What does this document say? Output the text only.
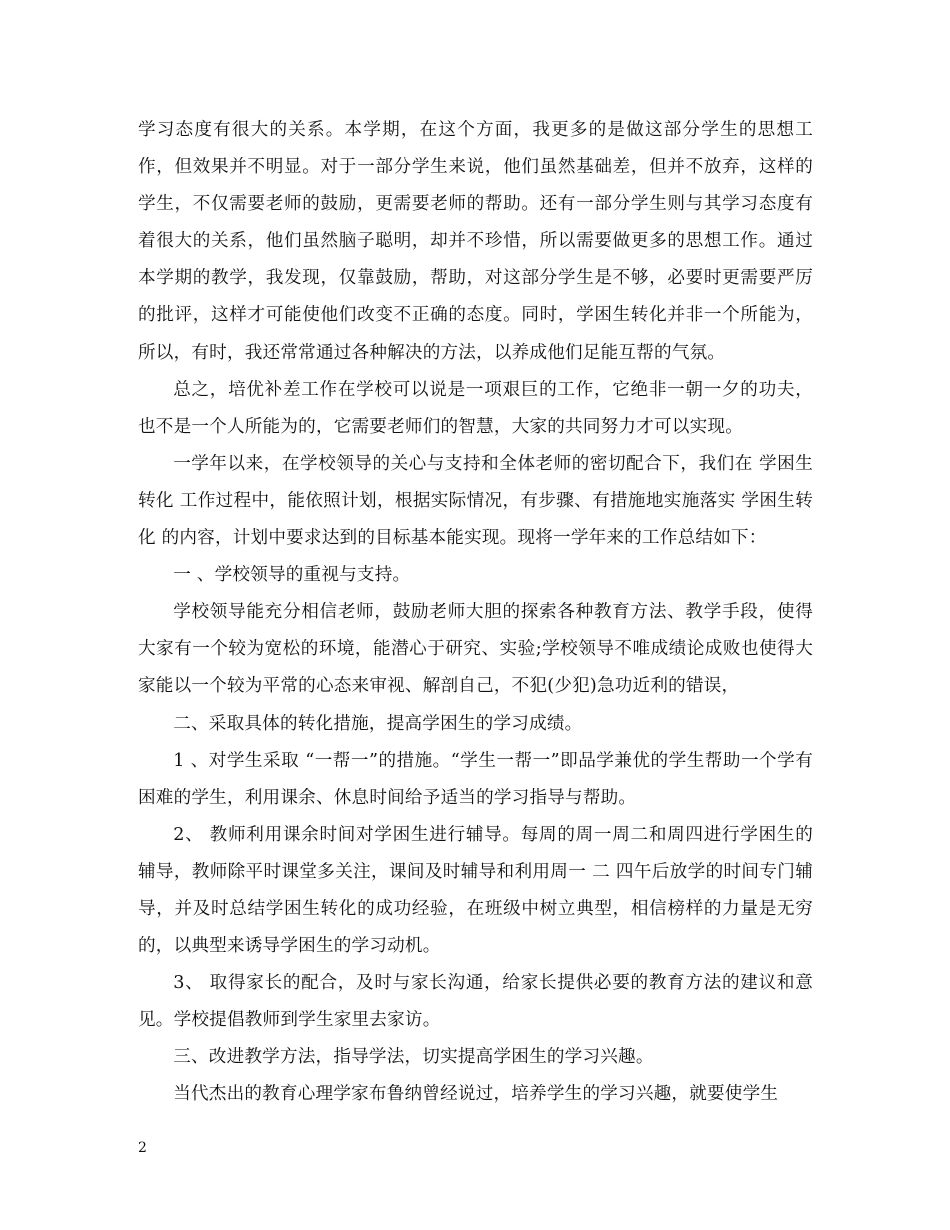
学习态度有很大的关系。本学期，在这个方面，我更多的是做这部分学生的思想工作，但效果并不明显。对于一部分学生来说，他们虽然基础差，但并不放弃，这样的学生，不仅需要老师的鼓励，更需要老师的帮助。还有一部分学生则与其学习态度有着很大的关系，他们虽然脑子聪明，却并不珍惜，所以需要做更多的思想工作。通过本学期的教学，我发现，仅靠鼓励，帮助，对这部分学生是不够，必要时更需要严厉的批评，这样才可能使他们改变不正确的态度。同时，学困生转化并非一个所能为，所以，有时，我还常常通过各种解决的方法，以养成他们足能互帮的气氛。

总之，培优补差工作在学校可以说是一项艰巨的工作，它绝非一朝一夕的功夫，也不是一个人所能为的，它需要老师们的智慧，大家的共同努力才可以实现。

一学年以来，在学校领导的关心与支持和全体老师的密切配合下，我们在 学困生转化 工作过程中，能依照计划，根据实际情况，有步骤、有措施地实施落实 学困生转化 的内容，计划中要求达到的目标基本能实现。现将一学年来的工作总结如下：

一 、学校领导的重视与支持。

学校领导能充分相信老师，鼓励老师大胆的探索各种教育方法、教学手段，使得大家有一个较为宽松的环境，能潜心于研究、实验;学校领导不唯成绩论成败也使得大家能以一个较为平常的心态来审视、解剖自己，不犯(少犯)急功近利的错误，

二、采取具体的转化措施，提高学困生的学习成绩。

1 、对学生采取 “一帮一”的措施。“学生一帮一”即品学兼优的学生帮助一个学有困难的学生，利用课余、休息时间给予适当的学习指导与帮助。

2、 教师利用课余时间对学困生进行辅导。每周的周一周二和周四进行学困生的辅导，教师除平时课堂多关注，课间及时辅导和利用周一 二 四午后放学的时间专门辅导，并及时总结学困生转化的成功经验，在班级中树立典型，相信榜样的力量是无穷的，以典型来诱导学困生的学习动机。

3、 取得家长的配合，及时与家长沟通，给家长提供必要的教育方法的建议和意见。学校提倡教师到学生家里去家访。

三、改进教学方法，指导学法，切实提高学困生的学习兴趣。

当代杰出的教育心理学家布鲁纳曾经说过，培养学生的学习兴趣，就要使学生

2
